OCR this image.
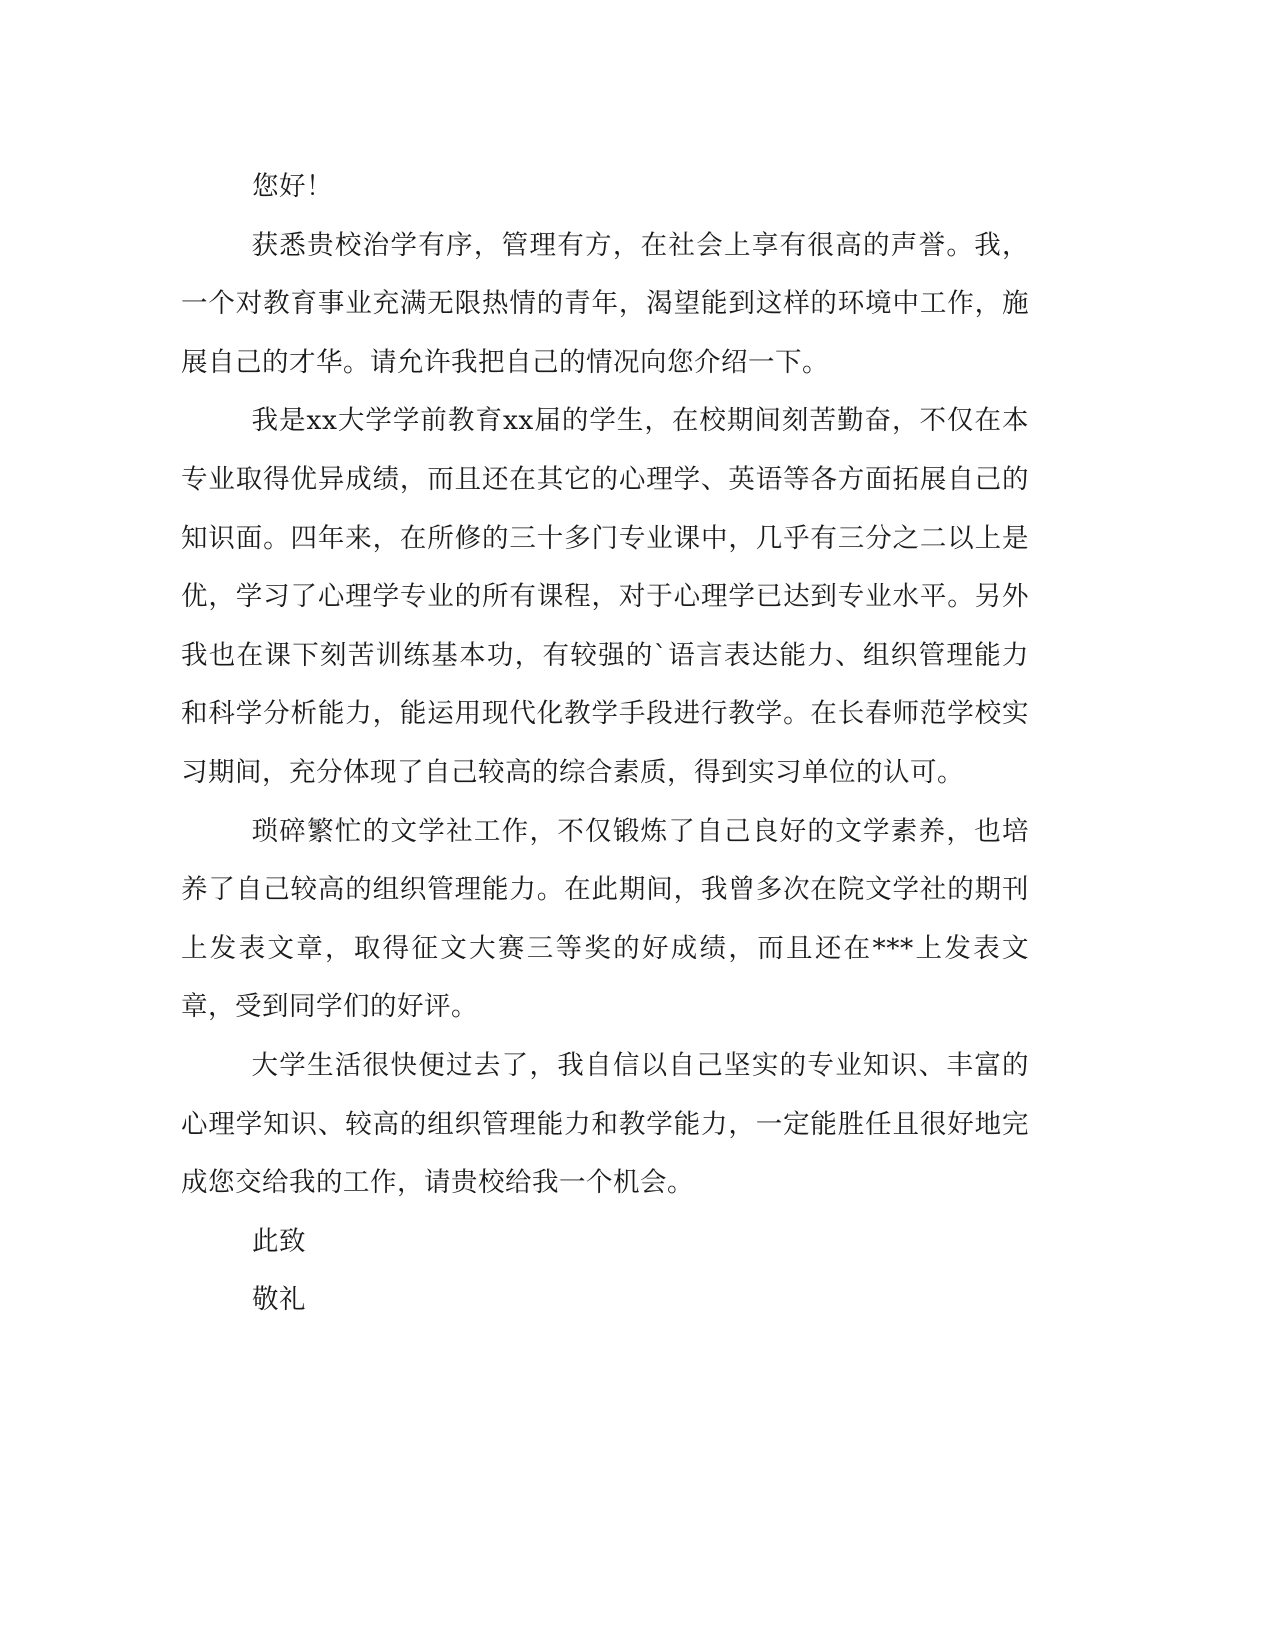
您好！

获悉贵校治学有序，管理有方，在社会上享有很高的声誉。我，一个对教育事业充满无限热情的青年，渴望能到这样的环境中工作，施展自己的才华。请允许我把自己的情况向您介绍一下。

我是xx大学学前教育xx届的学生，在校期间刻苦勤奋，不仅在本专业取得优异成绩，而且还在其它的心理学、英语等各方面拓展自己的知识面。四年来，在所修的三十多门专业课中，几乎有三分之二以上是优，学习了心理学专业的所有课程，对于心理学已达到专业水平。另外我也在课下刻苦训练基本功，有较强的`语言表达能力、组织管理能力和科学分析能力，能运用现代化教学手段进行教学。在长春师范学校实习期间，充分体现了自己较高的综合素质，得到实习单位的认可。

琐碎繁忙的文学社工作，不仅锻炼了自己良好的文学素养，也培养了自己较高的组织管理能力。在此期间，我曾多次在院文学社的期刊上发表文章，取得征文大赛三等奖的好成绩，而且还在***上发表文章，受到同学们的好评。

大学生活很快便过去了，我自信以自己坚实的专业知识、丰富的心理学知识、较高的组织管理能力和教学能力，一定能胜任且很好地完成您交给我的工作，请贵校给我一个机会。

此致

敬礼
